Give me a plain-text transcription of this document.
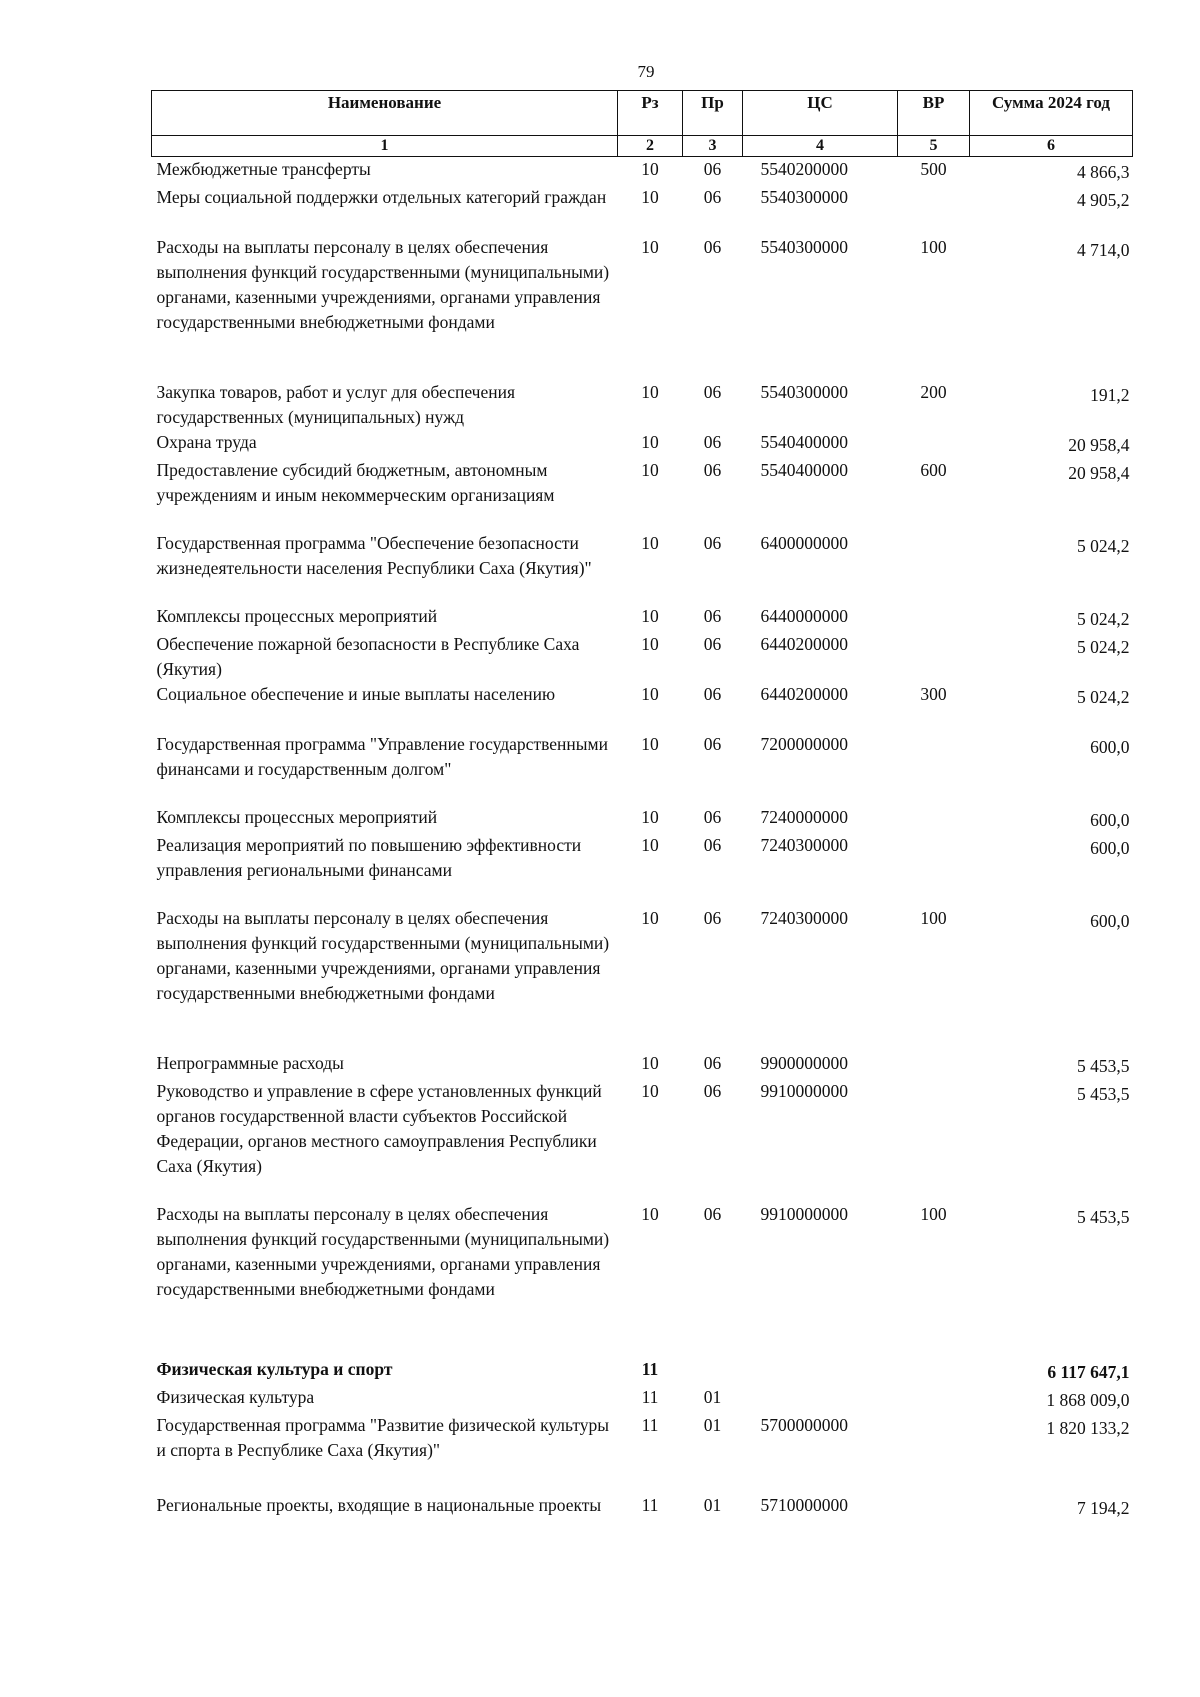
79
Наименование	Рз	Пр	ЦС	ВР	Сумма 2024 год
1	2	3	4	5	6
Межбюджетные трансферты	10	06	5540200000	500	4 866,3
Меры социальной поддержки отдельных категорий граждан	10	06	5540300000		4 905,2
Расходы на выплаты персоналу в целях обеспечения выполнения функций государственными (муниципальными) органами, казенными учреждениями, органами управления государственными внебюджетными фондами	10	06	5540300000	100	4 714,0
Закупка товаров, работ и услуг для обеспечения государственных (муниципальных) нужд	10	06	5540300000	200	191,2
Охрана труда	10	06	5540400000		20 958,4
Предоставление субсидий бюджетным, автономным учреждениям и иным некоммерческим организациям	10	06	5540400000	600	20 958,4
Государственная программа "Обеспечение безопасности жизнедеятельности населения Республики Саха (Якутия)"	10	06	6400000000		5 024,2
Комплексы процессных мероприятий	10	06	6440000000		5 024,2
Обеспечение пожарной безопасности в Республике Саха (Якутия)	10	06	6440200000		5 024,2
Социальное обеспечение и иные выплаты населению	10	06	6440200000	300	5 024,2
Государственная программа "Управление государственными финансами и государственным долгом"	10	06	7200000000		600,0
Комплексы процессных мероприятий	10	06	7240000000		600,0
Реализация мероприятий по повышению эффективности управления региональными финансами	10	06	7240300000		600,0
Расходы на выплаты персоналу в целях обеспечения выполнения функций государственными (муниципальными) органами, казенными учреждениями, органами управления государственными внебюджетными фондами	10	06	7240300000	100	600,0
Непрограммные расходы	10	06	9900000000		5 453,5
Руководство и управление в сфере установленных функций органов государственной власти субъектов Российской Федерации, органов местного самоуправления Республики Саха (Якутия)	10	06	9910000000		5 453,5
Расходы на выплаты персоналу в целях обеспечения выполнения функций государственными (муниципальными) органами, казенными учреждениями, органами управления государственными внебюджетными фондами	10	06	9910000000	100	5 453,5
Физическая культура и спорт	11				6 117 647,1
Физическая культура	11	01			1 868 009,0
Государственная программа "Развитие физической культуры и спорта в Республике Саха (Якутия)"	11	01	5700000000		1 820 133,2
Региональные проекты, входящие в национальные проекты	11	01	5710000000		7 194,2
